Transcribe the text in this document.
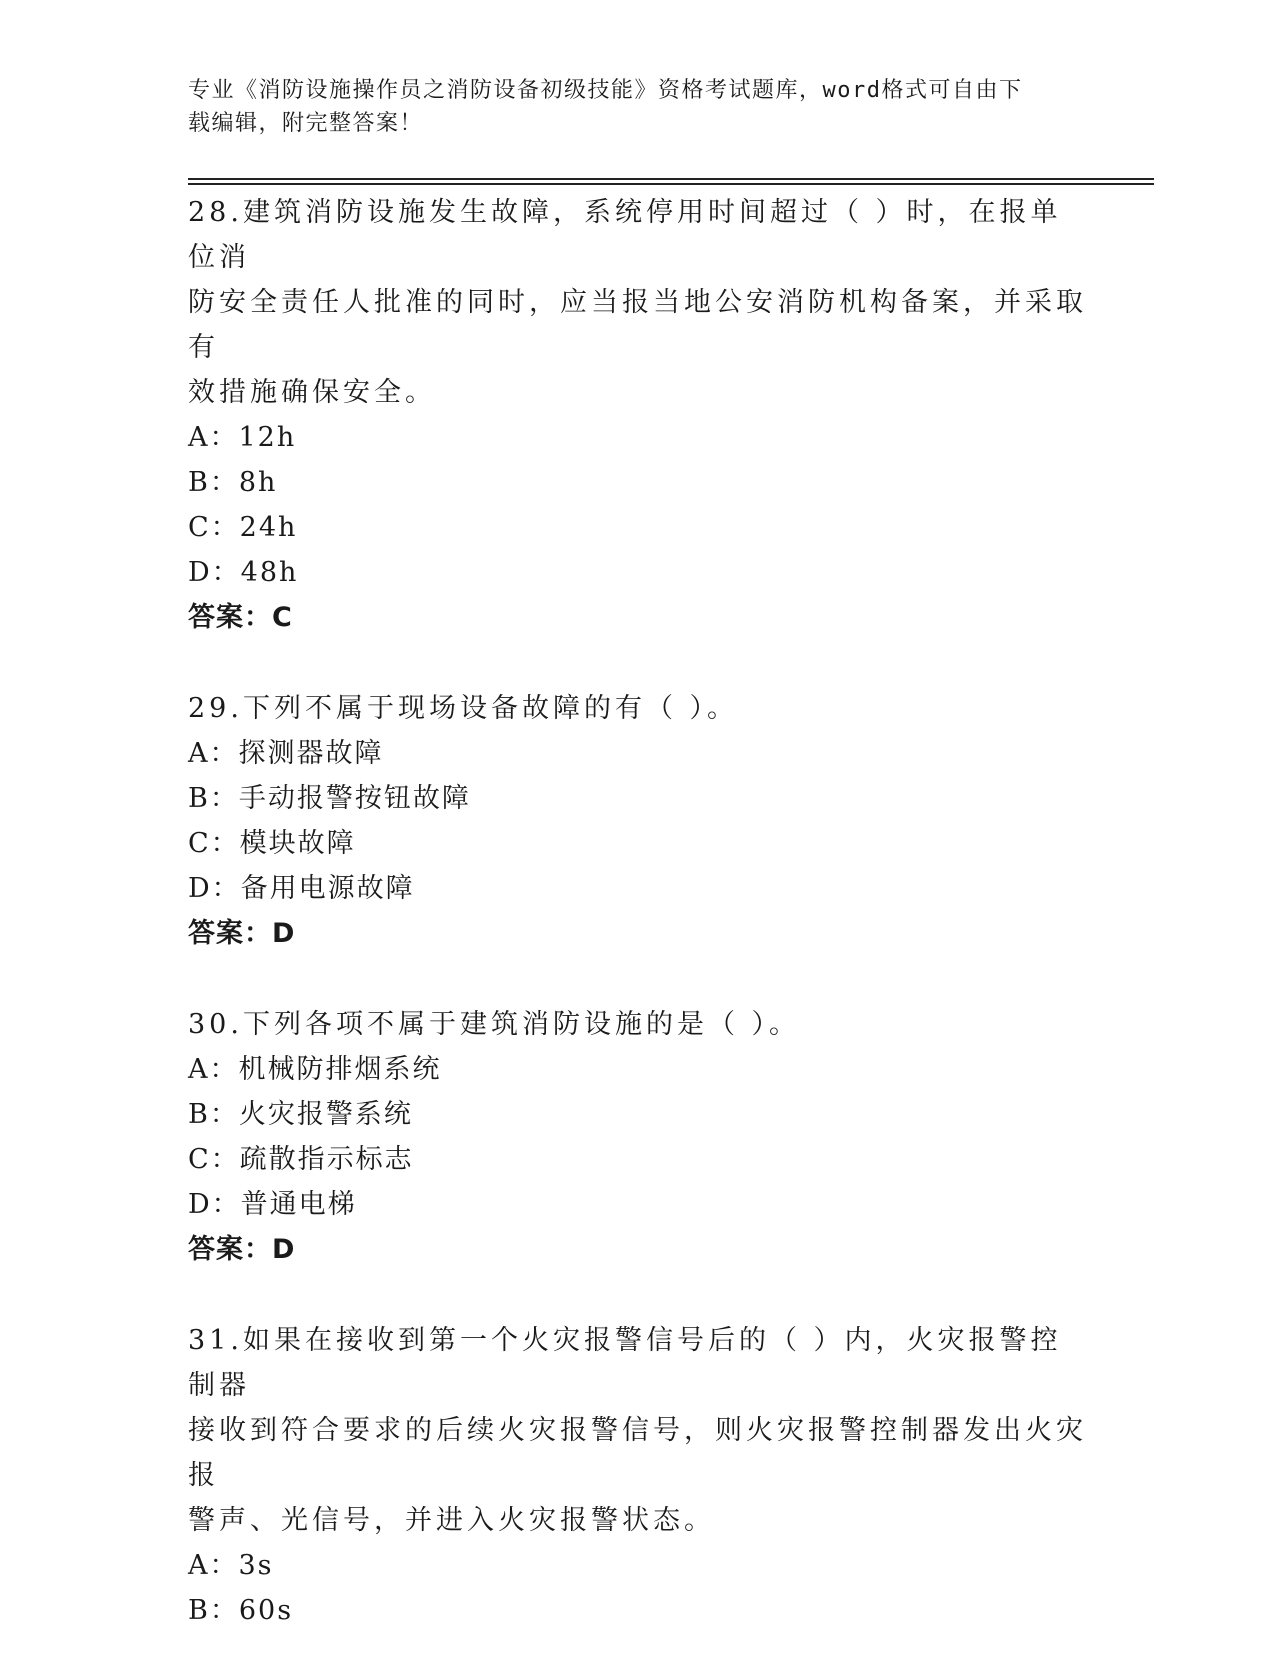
专业《消防设施操作员之消防设备初级技能》资格考试题库，word格式可自由下
载编辑，附完整答案！

28.建筑消防设施发生故障，系统停用时间超过（ ）时，在报单位消

防安全责任人批准的同时，应当报当地公安消防机构备案，并采取有

效措施确保安全。

A：12h

B：8h

C：24h

D：48h

答案：C

29.下列不属于现场设备故障的有（ ）。

A：探测器故障

B：手动报警按钮故障

C：模块故障

D：备用电源故障

答案：D

30.下列各项不属于建筑消防设施的是（ ）。

A：机械防排烟系统

B：火灾报警系统

C：疏散指示标志

D：普通电梯

答案：D

31.如果在接收到第一个火灾报警信号后的（ ）内，火灾报警控制器

接收到符合要求的后续火灾报警信号，则火灾报警控制器发出火灾报

警声、光信号，并进入火灾报警状态。

A：3s

B：60s
